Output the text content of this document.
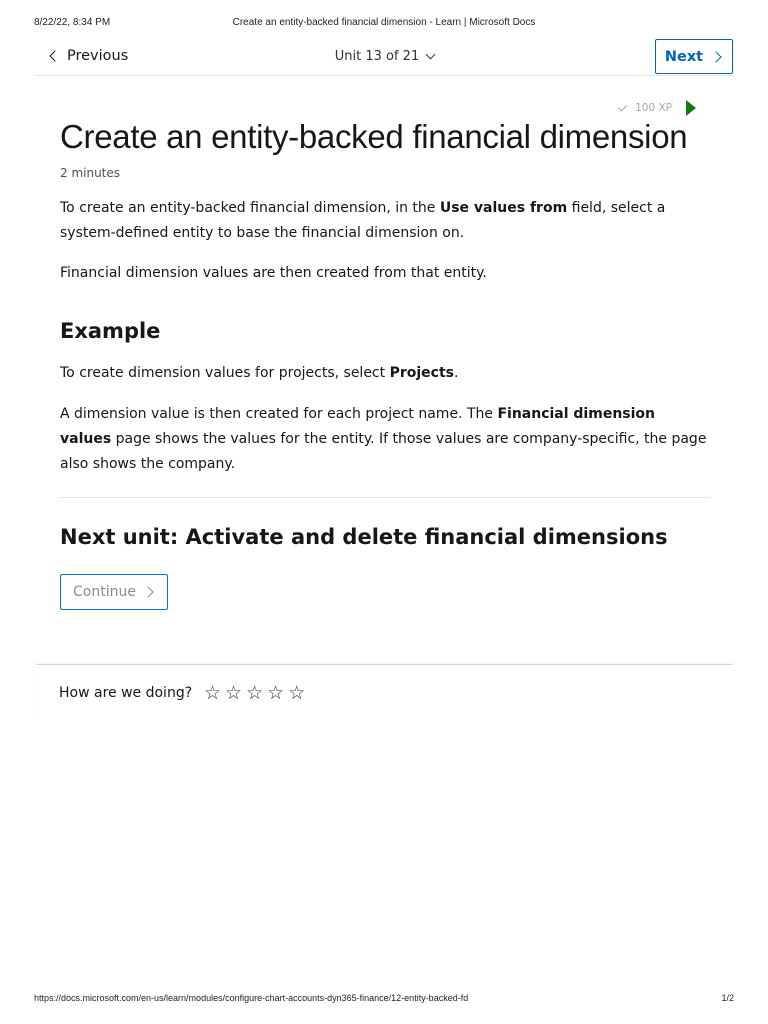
8/22/22, 8:34 PM	Create an entity-backed financial dimension - Learn | Microsoft Docs
Previous	Unit 13 of 21	Next
100 XP
Create an entity-backed financial dimension
2 minutes

To create an entity-backed financial dimension, in the Use values from field, select a system-defined entity to base the financial dimension on.

Financial dimension values are then created from that entity.

Example

To create dimension values for projects, select Projects.

A dimension value is then created for each project name. The Financial dimension values page shows the values for the entity. If those values are company-specific, the page also shows the company.

Next unit: Activate and delete financial dimensions
Continue
How are we doing? ☆ ☆ ☆ ☆ ☆
https://docs.microsoft.com/en-us/learn/modules/configure-chart-accounts-dyn365-finance/12-entity-backed-fd	1/2
